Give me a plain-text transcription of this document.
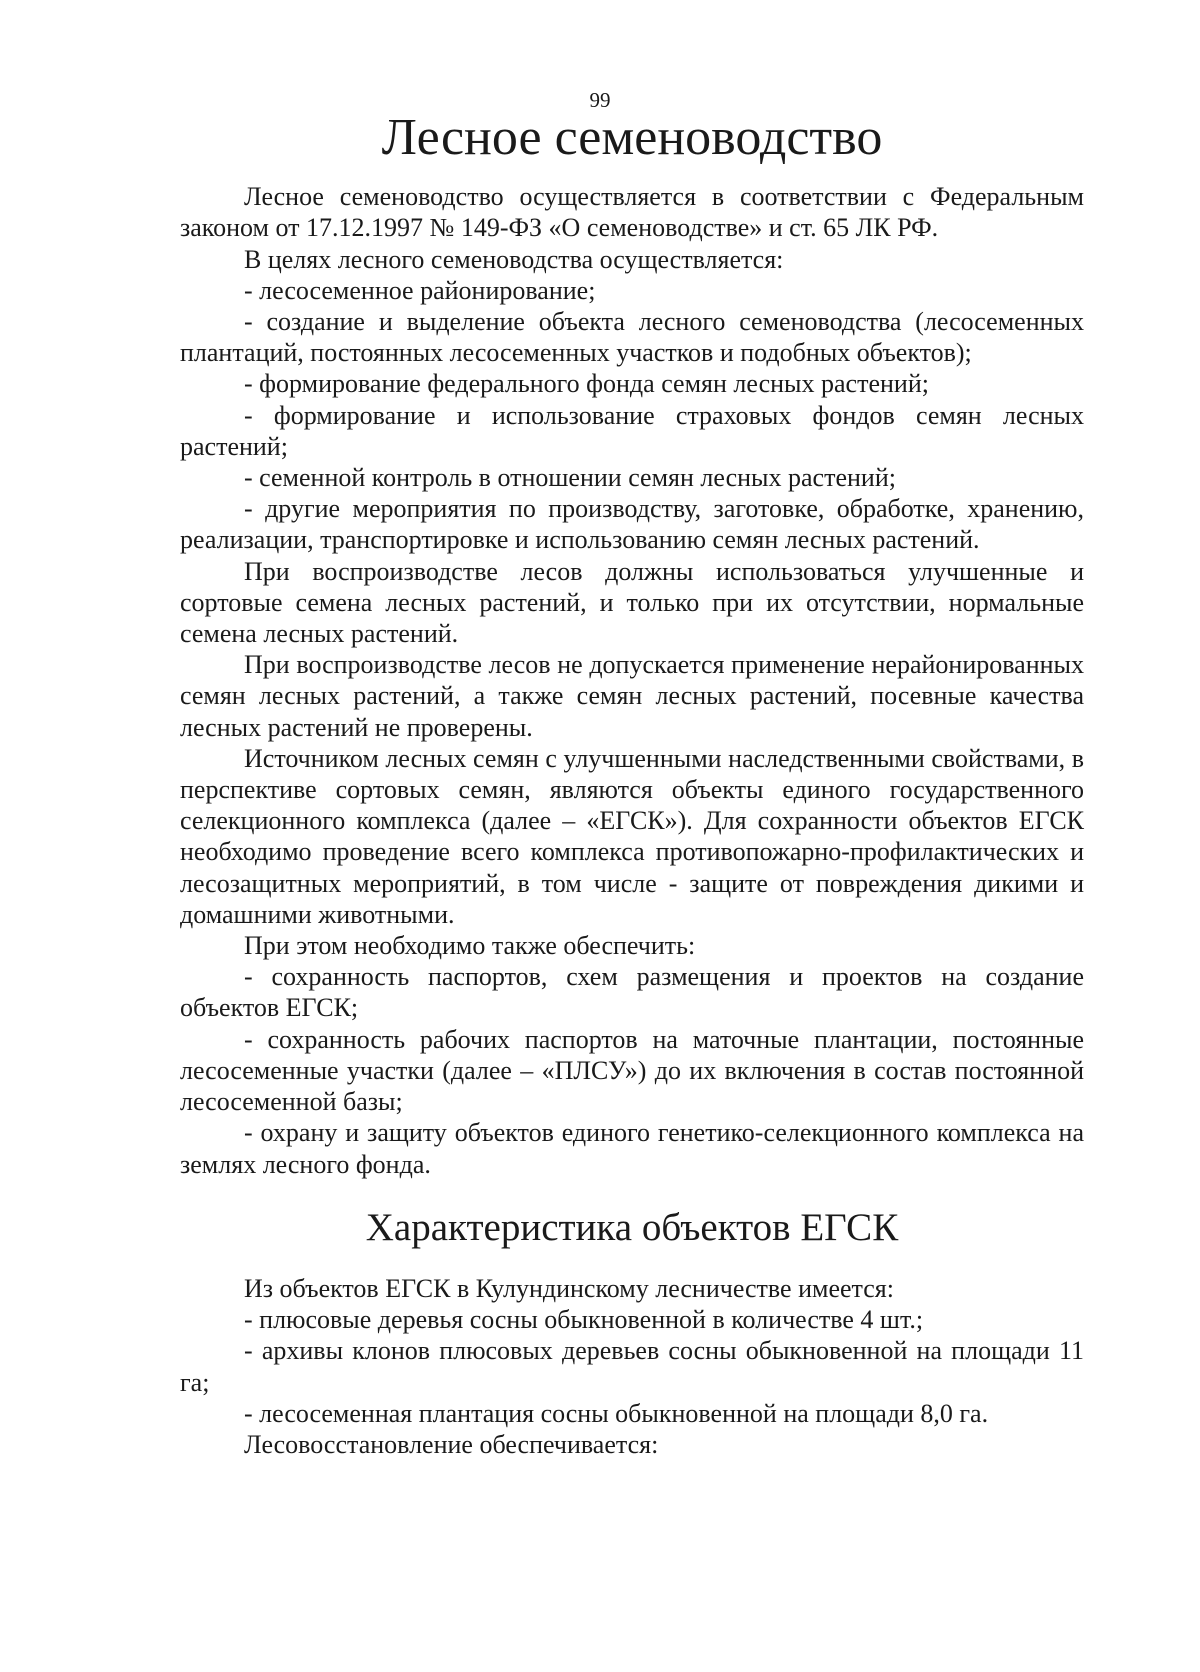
99
Лесное семеноводство

Лесное семеноводство осуществляется в соответствии с Федеральным законом от 17.12.1997 № 149-ФЗ «О семеноводстве» и ст. 65 ЛК РФ.

В целях лесного семеноводства осуществляется:

- лесосеменное районирование;

- создание и выделение объекта лесного семеноводства (лесосеменных плантаций, постоянных лесосеменных участков и подобных объектов);

- формирование федерального фонда семян лесных растений;

- формирование и использование страховых фондов семян лесных растений;

- семенной контроль в отношении семян лесных растений;

- другие мероприятия по производству, заготовке, обработке, хранению, реализации, транспортировке и использованию семян лесных растений.

При воспроизводстве лесов должны использоваться улучшенные и сортовые семена лесных растений, и только при их отсутствии, нормальные семена лесных растений.

При воспроизводстве лесов не допускается применение нерайонированных семян лесных растений, а также семян лесных растений, посевные качества лесных растений не проверены.

Источником лесных семян с улучшенными наследственными свойствами, в перспективе сортовых семян, являются объекты единого государственного селекционного комплекса (далее – «ЕГСК»). Для сохранности объектов ЕГСК необходимо проведение всего комплекса противопожарно-профилактических и лесозащитных мероприятий, в том числе - защите от повреждения дикими и домашними животными.

При этом необходимо также обеспечить:

- сохранность паспортов, схем размещения и проектов на создание объектов ЕГСК;

- сохранность рабочих паспортов на маточные плантации, постоянные лесосеменные участки (далее – «ПЛСУ») до их включения в состав постоянной лесосеменной базы;

- охрану и защиту объектов единого генетико-селекционного комплекса на землях лесного фонда.

Характеристика объектов ЕГСК

Из объектов ЕГСК в Кулундинскому лесничестве имеется:

- плюсовые деревья сосны обыкновенной в количестве 4 шт.;

- архивы клонов плюсовых деревьев сосны обыкновенной на площади 11 га;

- лесосеменная плантация сосны обыкновенной на площади 8,0 га.

Лесовосстановление обеспечивается:
